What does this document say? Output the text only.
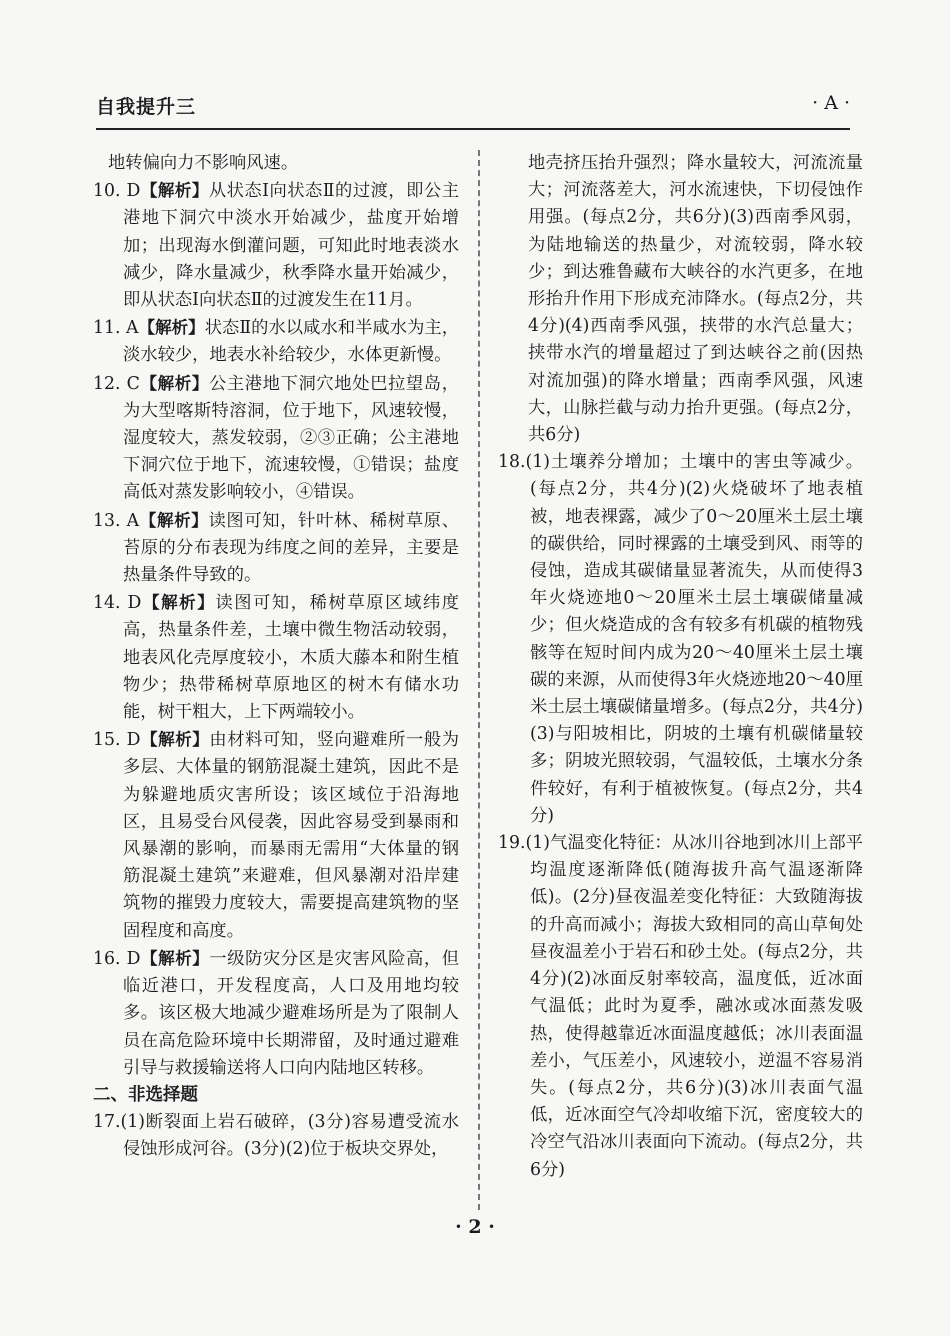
自我提升三	· A ·

地转偏向力不影响风速。

10. D【解析】从状态Ⅰ向状态Ⅱ的过渡，即公主港地下洞穴中淡水开始减少，盐度开始增加；出现海水倒灌问题，可知此时地表淡水减少，降水量减少，秋季降水量开始减少，即从状态Ⅰ向状态Ⅱ的过渡发生在11月。

11. A【解析】状态Ⅱ的水以咸水和半咸水为主，淡水较少，地表水补给较少，水体更新慢。

12. C【解析】公主港地下洞穴地处巴拉望岛，为大型喀斯特溶洞，位于地下，风速较慢，湿度较大，蒸发较弱，②③正确；公主港地下洞穴位于地下，流速较慢，①错误；盐度高低对蒸发影响较小，④错误。

13. A【解析】读图可知，针叶林、稀树草原、苔原的分布表现为纬度之间的差异，主要是热量条件导致的。

14. D【解析】读图可知，稀树草原区域纬度高，热量条件差，土壤中微生物活动较弱，地表风化壳厚度较小，木质大藤本和附生植物少；热带稀树草原地区的树木有储水功能，树干粗大，上下两端较小。

15. D【解析】由材料可知，竖向避难所一般为多层、大体量的钢筋混凝土建筑，因此不是为躲避地质灾害所设；该区域位于沿海地区，且易受台风侵袭，因此容易受到暴雨和风暴潮的影响，而暴雨无需用“大体量的钢筋混凝土建筑”来避难，但风暴潮对沿岸建筑物的摧毁力度较大，需要提高建筑物的坚固程度和高度。

16. D【解析】一级防灾分区是灾害风险高，但临近港口，开发程度高，人口及用地均较多。该区极大地减少避难场所是为了限制人员在高危险环境中长期滞留，及时通过避难引导与救援输送将人口向内陆地区转移。

二、非选择题

17.(1)断裂面上岩石破碎，(3分)容易遭受流水侵蚀形成河谷。(3分)(2)位于板块交界处，

地壳挤压抬升强烈；降水量较大，河流流量大；河流落差大，河水流速快，下切侵蚀作用强。(每点2分，共6分)(3)西南季风弱，为陆地输送的热量少，对流较弱，降水较少；到达雅鲁藏布大峡谷的水汽更多，在地形抬升作用下形成充沛降水。(每点2分，共4分)(4)西南季风强，挟带的水汽总量大；挟带水汽的增量超过了到达峡谷之前(因热对流加强)的降水增量；西南季风强，风速大，山脉拦截与动力抬升更强。(每点2分，共6分)

18.(1)土壤养分增加；土壤中的害虫等减少。(每点2分，共4分)(2)火烧破坏了地表植被，地表裸露，减少了0～20厘米土层土壤的碳供给，同时裸露的土壤受到风、雨等的侵蚀，造成其碳储量显著流失，从而使得3年火烧迹地0～20厘米土层土壤碳储量减少；但火烧造成的含有较多有机碳的植物残骸等在短时间内成为20～40厘米土层土壤碳的来源，从而使得3年火烧迹地20～40厘米土层土壤碳储量增多。(每点2分，共4分)(3)与阳坡相比，阴坡的土壤有机碳储量较多；阴坡光照较弱，气温较低，土壤水分条件较好，有利于植被恢复。(每点2分，共4分)

19.(1)气温变化特征：从冰川谷地到冰川上部平均温度逐渐降低(随海拔升高气温逐渐降低)。(2分)昼夜温差变化特征：大致随海拔的升高而减小；海拔大致相同的高山草甸处昼夜温差小于岩石和砂土处。(每点2分，共4分)(2)冰面反射率较高，温度低，近冰面气温低；此时为夏季，融冰或冰面蒸发吸热，使得越靠近冰面温度越低；冰川表面温差小，气压差小，风速较小，逆温不容易消失。(每点2分，共6分)(3)冰川表面气温低，近冰面空气冷却收缩下沉，密度较大的冷空气沿冰川表面向下流动。(每点2分，共6分)

· 2 ·
